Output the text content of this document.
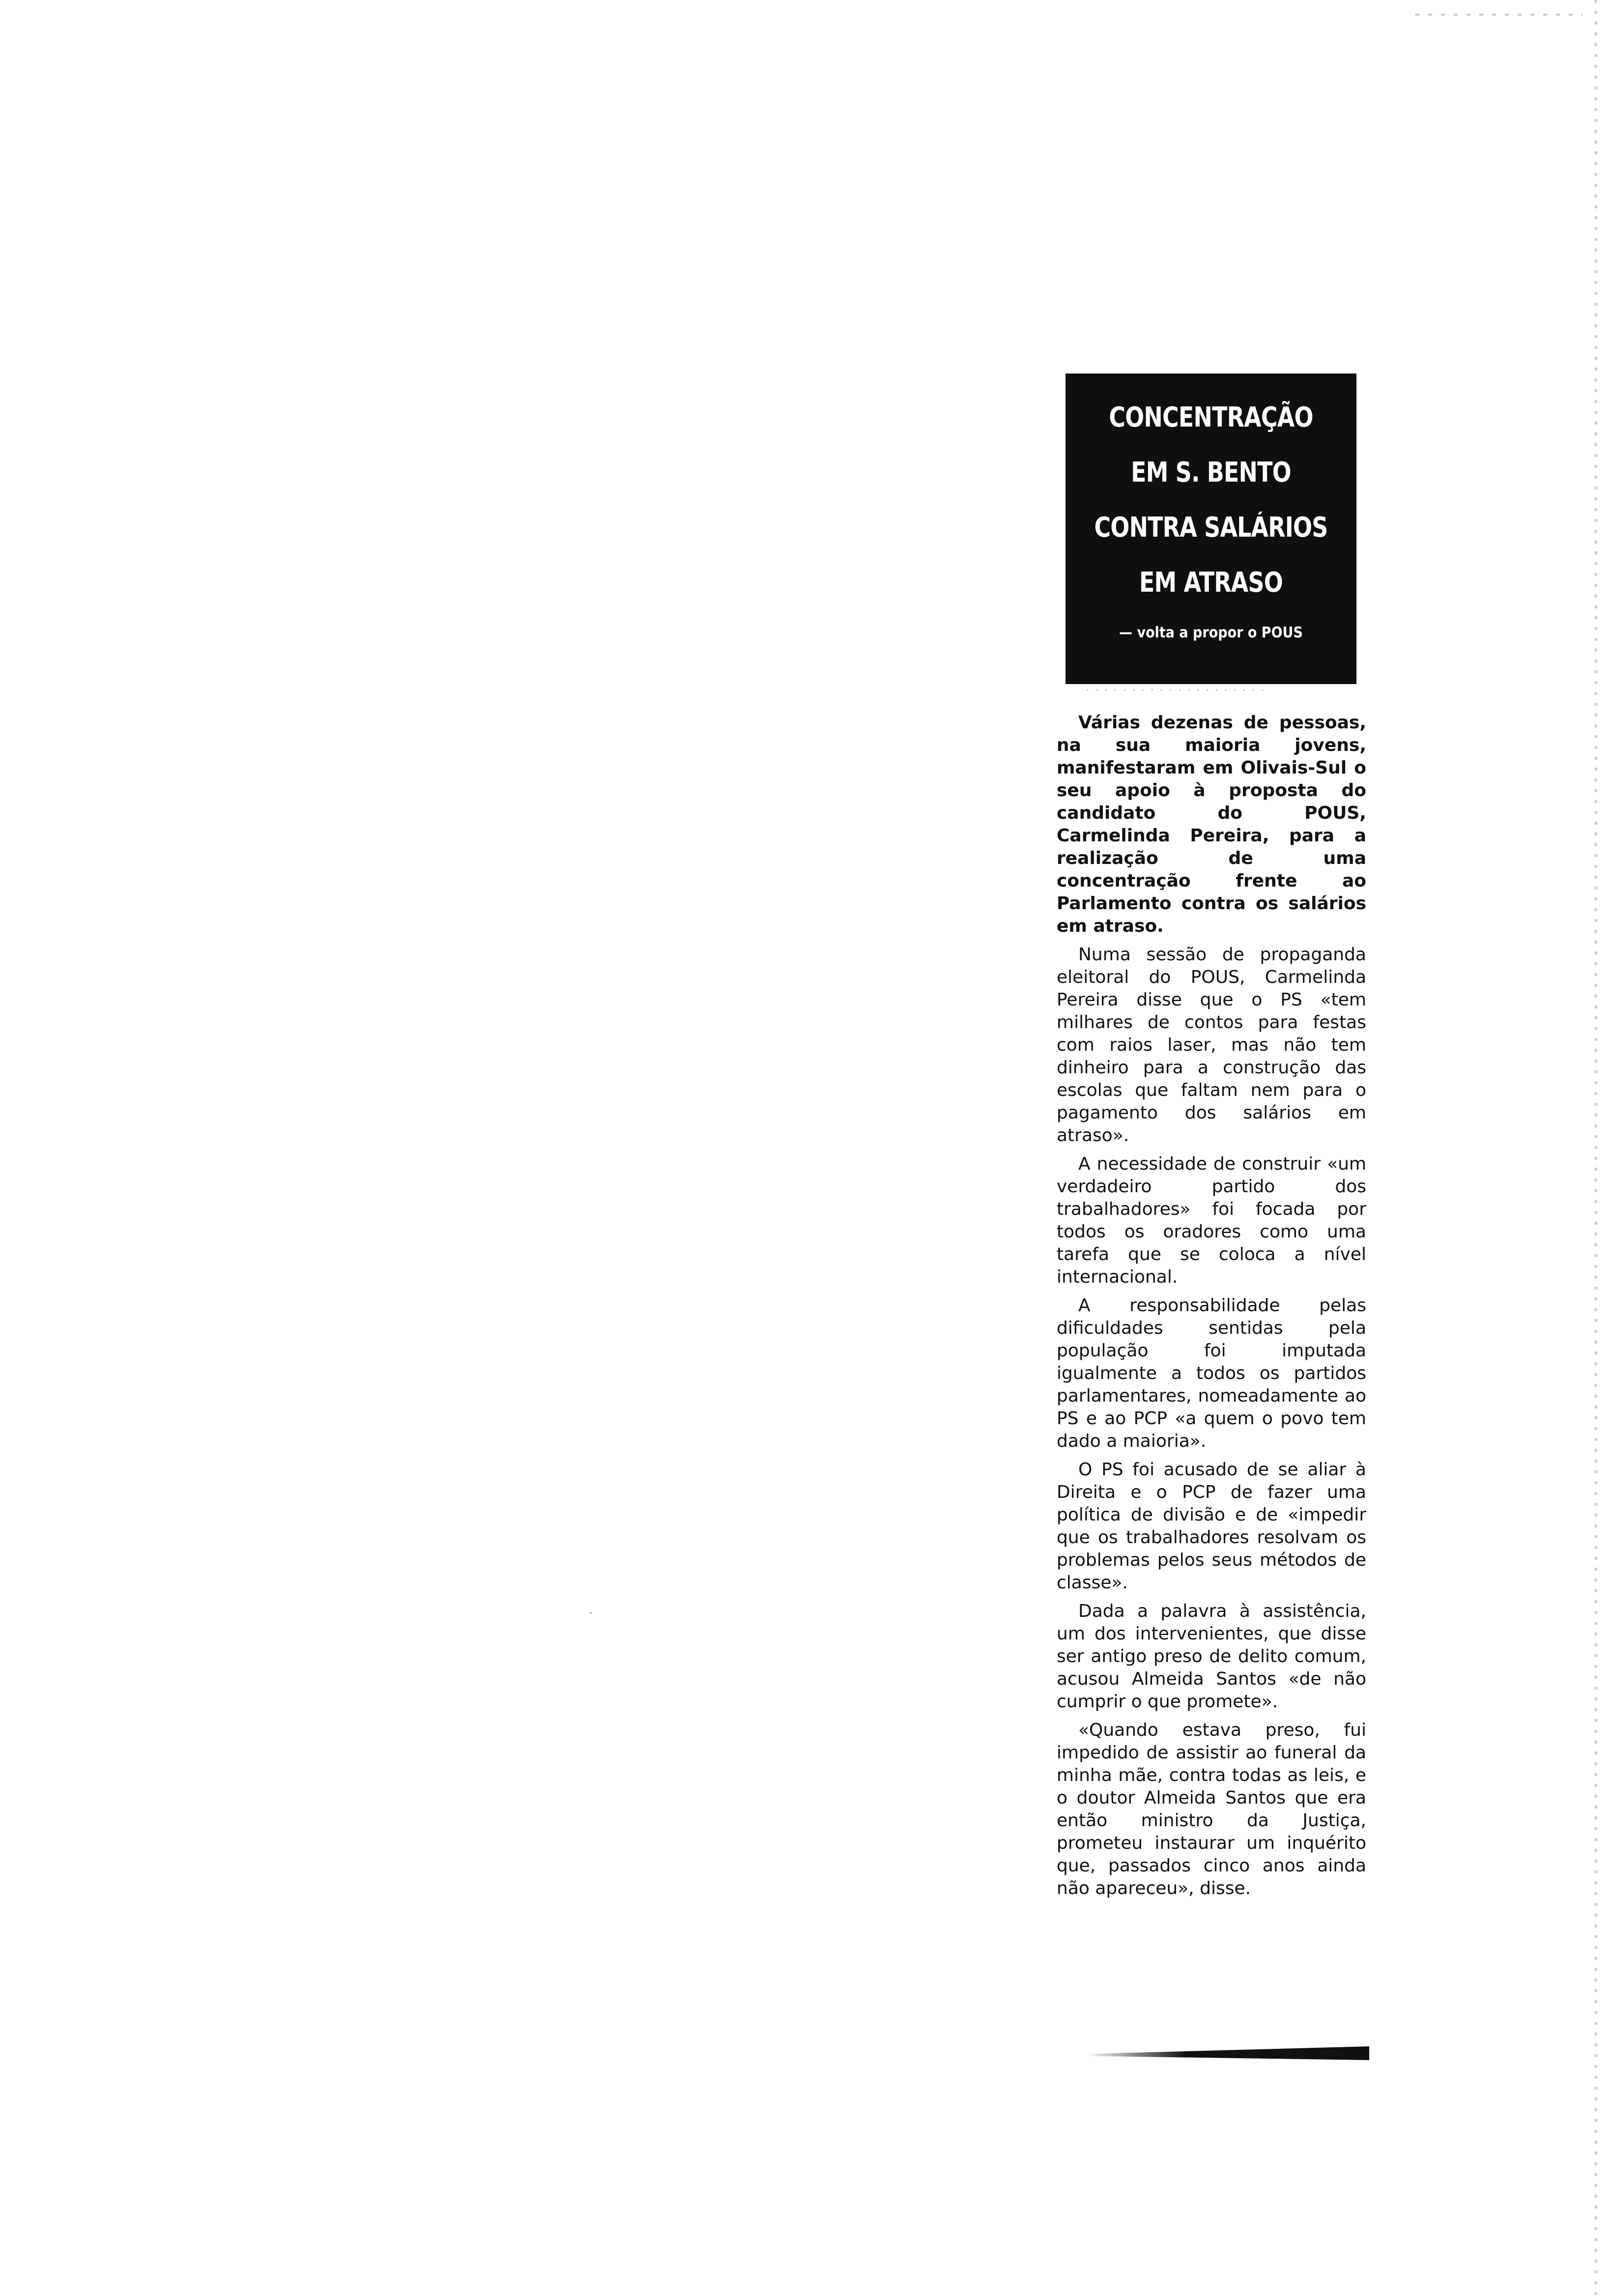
CONCENTRAÇÃO
EM S. BENTO
CONTRA SALÁRIOS
EM ATRASO
— volta a propor o POUS
· · · · · · · · · · · · · · · · · · · ·

Várias dezenas de pessoas, na sua maioria jovens, manifestaram em Olivais-Sul o seu apoio à proposta do candidato do POUS, Carmelinda Pereira, para a realização de uma concentração frente ao Parlamento contra os salários em atraso.

Numa sessão de propaganda eleitoral do POUS, Carmelinda Pereira disse que o PS «tem milhares de contos para festas com raios laser, mas não tem dinheiro para a construção das escolas que faltam nem para o pagamento dos salários em atraso».

A necessidade de construir «um verdadeiro partido dos trabalhadores» foi focada por todos os oradores como uma tarefa que se coloca a nível internacional.

A responsabilidade pelas dificuldades sentidas pela população foi imputada igualmente a todos os partidos parlamentares, nomeadamente ao PS e ao PCP «a quem o povo tem dado a maioria».

O PS foi acusado de se aliar à Direita e o PCP de fazer uma política de divisão e de «impedir que os trabalhadores resolvam os problemas pelos seus métodos de classe».

Dada a palavra à assistência, um dos intervenientes, que disse ser antigo preso de delito comum, acusou Almeida Santos «de não cumprir o que promete».

«Quando estava preso, fui impedido de assistir ao funeral da minha mãe, contra todas as leis, e o doutor Almeida Santos que era então ministro da Justiça, prometeu instaurar um inquérito que, passados cinco anos ainda não apareceu», disse.
